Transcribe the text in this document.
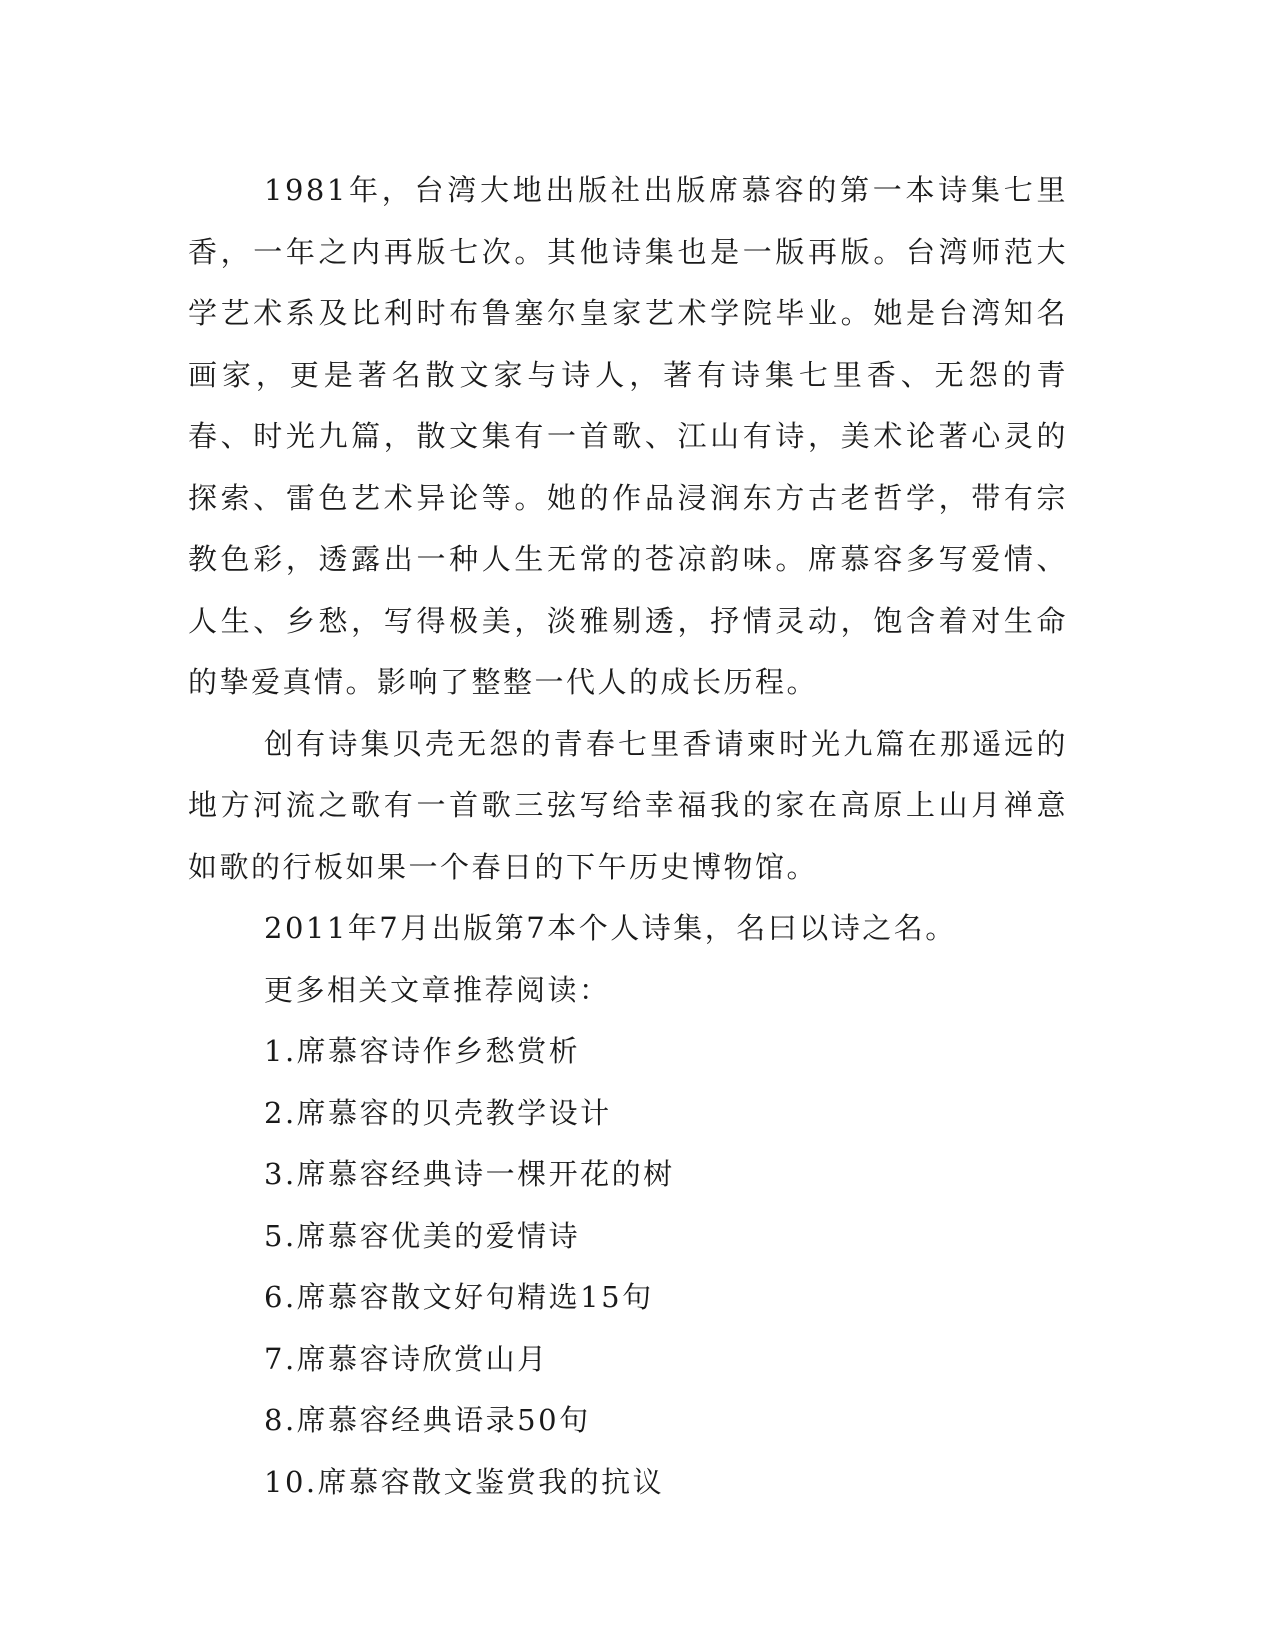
1981年，台湾大地出版社出版席慕容的第一本诗集七里香，一年之内再版七次。其他诗集也是一版再版。台湾师范大学艺术系及比利时布鲁塞尔皇家艺术学院毕业。她是台湾知名画家，更是著名散文家与诗人，著有诗集七里香、无怨的青春、时光九篇，散文集有一首歌、江山有诗，美术论著心灵的探索、雷色艺术异论等。她的作品浸润东方古老哲学，带有宗教色彩，透露出一种人生无常的苍凉韵味。席慕容多写爱情、人生、乡愁，写得极美，淡雅剔透，抒情灵动，饱含着对生命的挚爱真情。影响了整整一代人的成长历程。

创有诗集贝壳无怨的青春七里香请柬时光九篇在那遥远的地方河流之歌有一首歌三弦写给幸福我的家在高原上山月禅意如歌的行板如果一个春日的下午历史博物馆。

2011年7月出版第7本个人诗集，名曰以诗之名。

更多相关文章推荐阅读：

1.席慕容诗作乡愁赏析

2.席慕容的贝壳教学设计

3.席慕容经典诗一棵开花的树

5.席慕容优美的爱情诗

6.席慕容散文好句精选15句

7.席慕容诗欣赏山月

8.席慕容经典语录50句

10.席慕容散文鉴赏我的抗议
